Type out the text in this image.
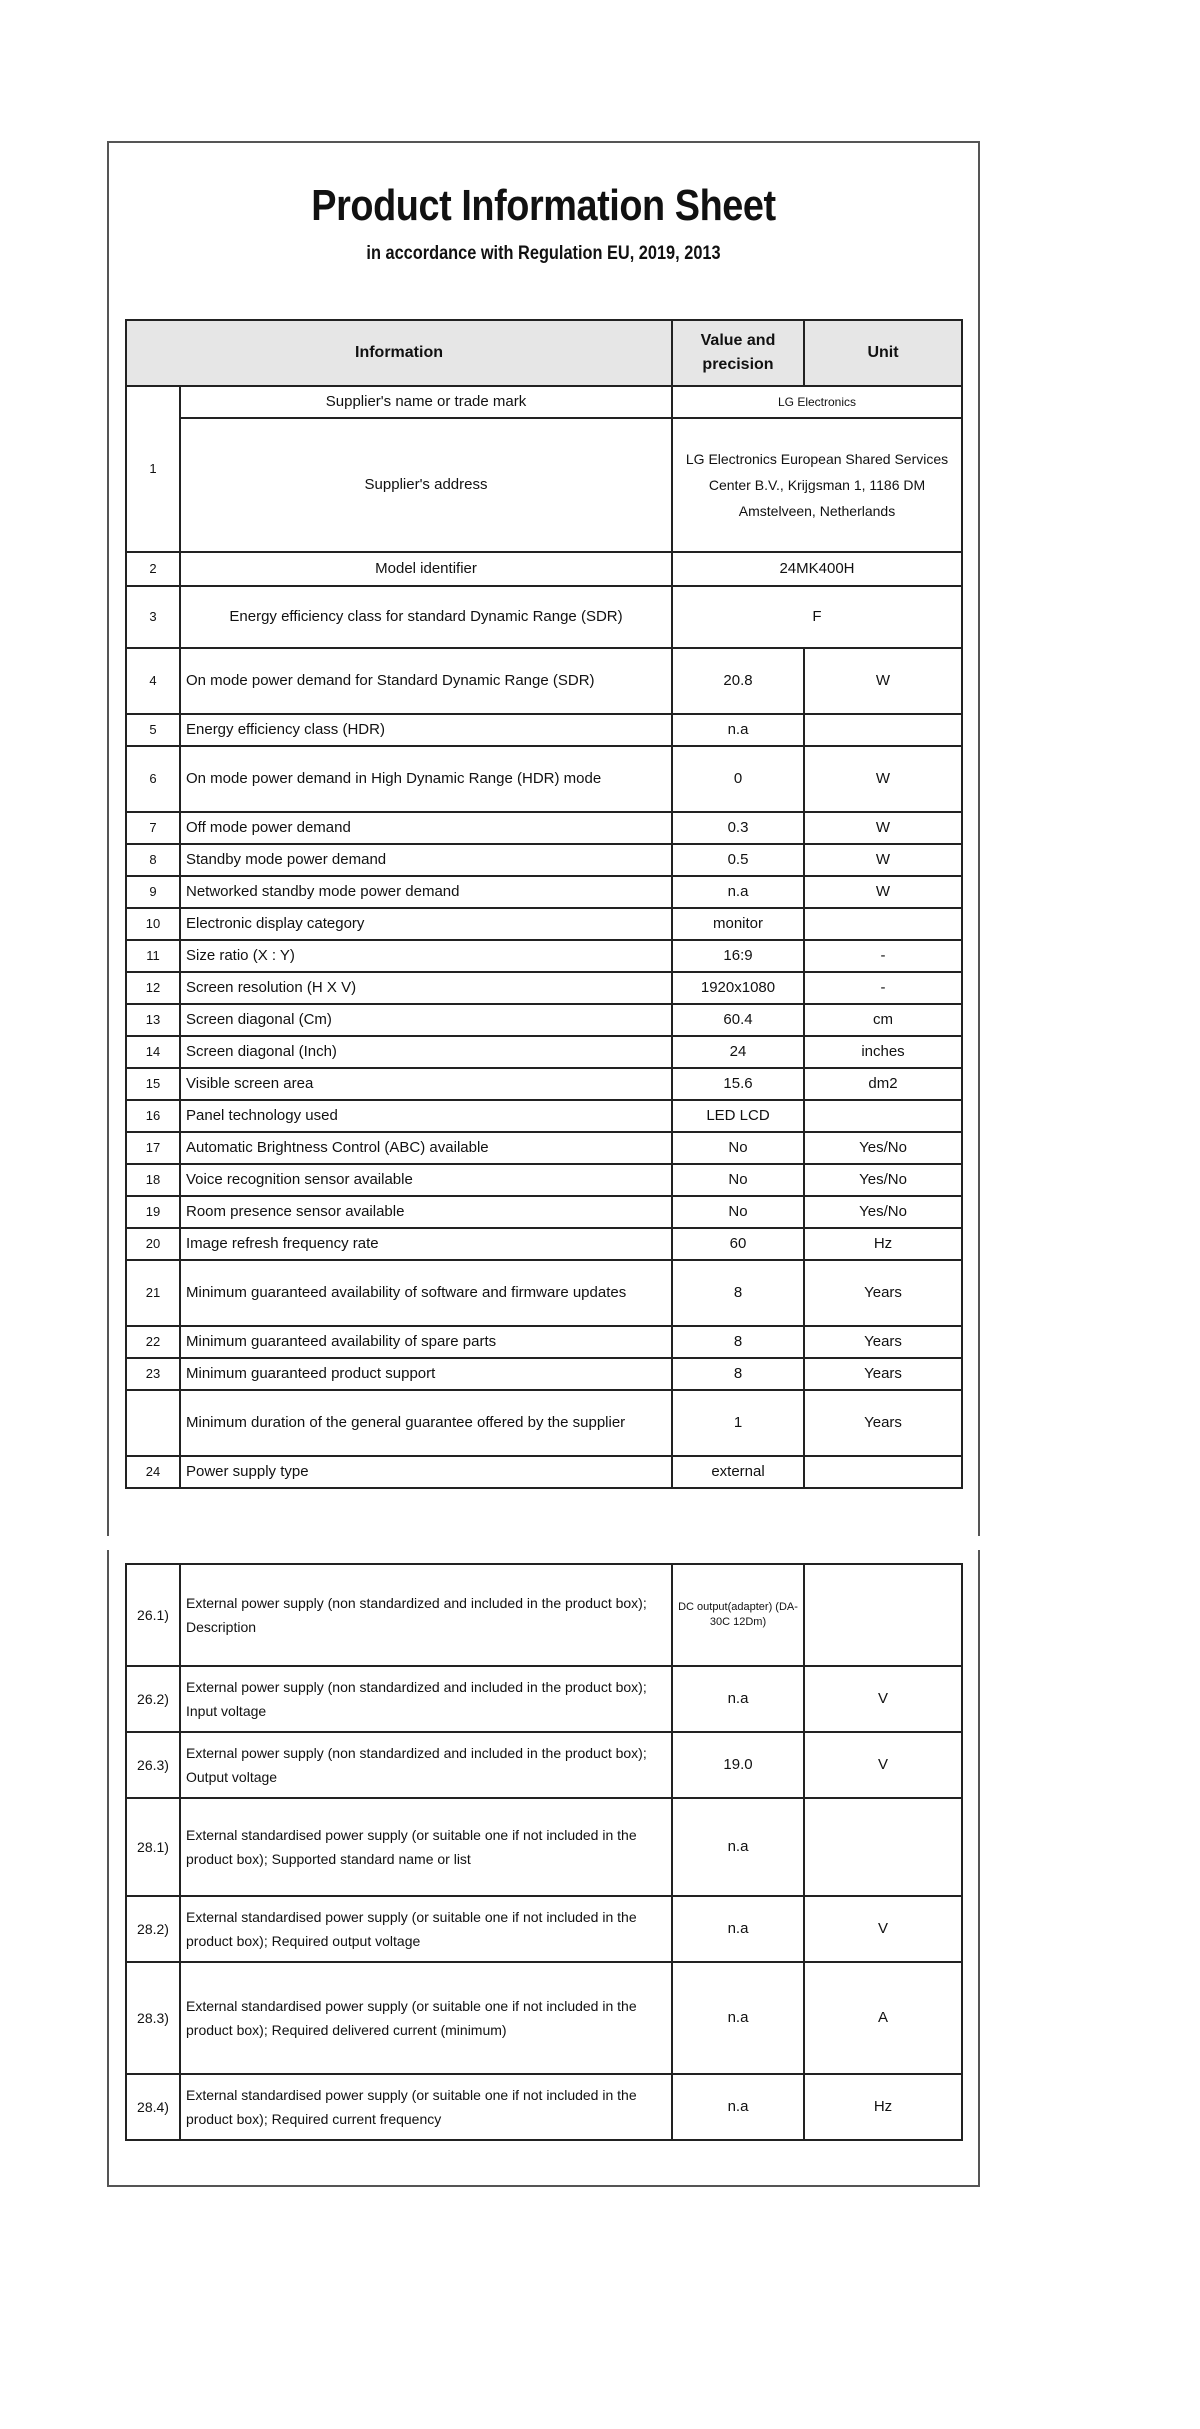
Product Information Sheet
in accordance with Regulation EU, 2019, 2013
Information		Value and precision	Unit
1	Supplier's name or trade mark	LG Electronics	
	Supplier's address	LG Electronics European Shared Services Center B.V., Krijgsman 1, 1186 DM Amstelveen, Netherlands	
2	Model identifier	24MK400H	
3	Energy efficiency class for standard Dynamic Range (SDR)	F	
4	On mode power demand for Standard Dynamic Range (SDR)	20.8	W
5	Energy efficiency class (HDR)	n.a	
6	On mode power demand in High Dynamic Range (HDR) mode	0	W
7	Off mode power demand	0.3	W
8	Standby mode power demand	0.5	W
9	Networked standby mode power demand	n.a	W
10	Electronic display category	monitor	
11	Size ratio (X : Y)	16:9	-
12	Screen resolution (H X V)	1920x1080	-
13	Screen diagonal (Cm)	60.4	cm
14	Screen diagonal (Inch)	24	inches
15	Visible screen area	15.6	dm2
16	Panel technology used	LED LCD	
17	Automatic Brightness Control (ABC) available	No	Yes/No
18	Voice recognition sensor available	No	Yes/No
19	Room presence sensor available	No	Yes/No
20	Image refresh frequency rate	60	Hz
21	Minimum guaranteed availability of software and firmware updates	8	Years
22	Minimum guaranteed availability of spare parts	8	Years
23	Minimum guaranteed product support	8	Years
	Minimum duration of the general guarantee offered by the supplier	1	Years
24	Power supply type	external	
26.1)	External power supply (non standardized and included in the product box); Description	DC output(adapter) (DA-30C 12Dm)	
26.2)	External power supply (non standardized and included in the product box); Input voltage	n.a	V
26.3)	External power supply (non standardized and included in the product box); Output voltage	19.0	V
28.1)	External standardised power supply (or suitable one if not included in the product box); Supported standard name or list	n.a	
28.2)	External standardised power supply (or suitable one if not included in the product box); Required output voltage	n.a	V
28.3)	External standardised power supply (or suitable one if not included in the product box); Required delivered current (minimum)	n.a	A
28.4)	External standardised power supply (or suitable one if not included in the product box); Required current frequency	n.a	Hz
